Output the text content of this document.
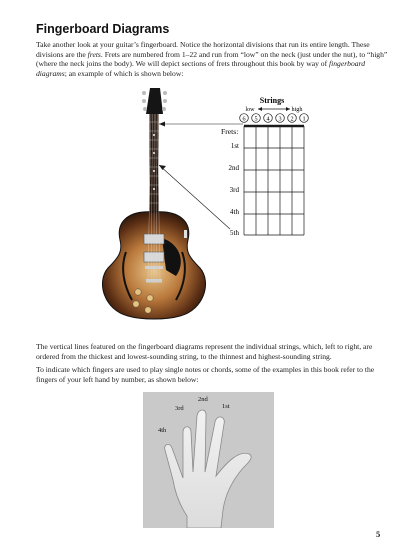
Fingerboard Diagrams
Take another look at your guitar’s fingerboard. Notice the horizontal divisions that run its entire length. These divisions are the frets. Frets are numbered from 1–22 and run from “low” on the neck (just under the nut), to “high” (where the neck joins the body). We will depict sections of frets throughout this book by way of fingerboard diagrams; an example of which is shown below:
Strings
low	high
6 5 4 3 2 1
Frets:
1st
2nd
3rd
4th
5th
The vertical lines featured on the fingerboard diagrams represent the individual strings, which, left to right, are ordered from the thickest and lowest-sounding string, to the thinnest and highest-sounding string.
To indicate which fingers are used to play single notes or chords, some of the examples in this book refer to the fingers of your left hand by number, as shown below:
4th
3rd
2nd
1st
5
